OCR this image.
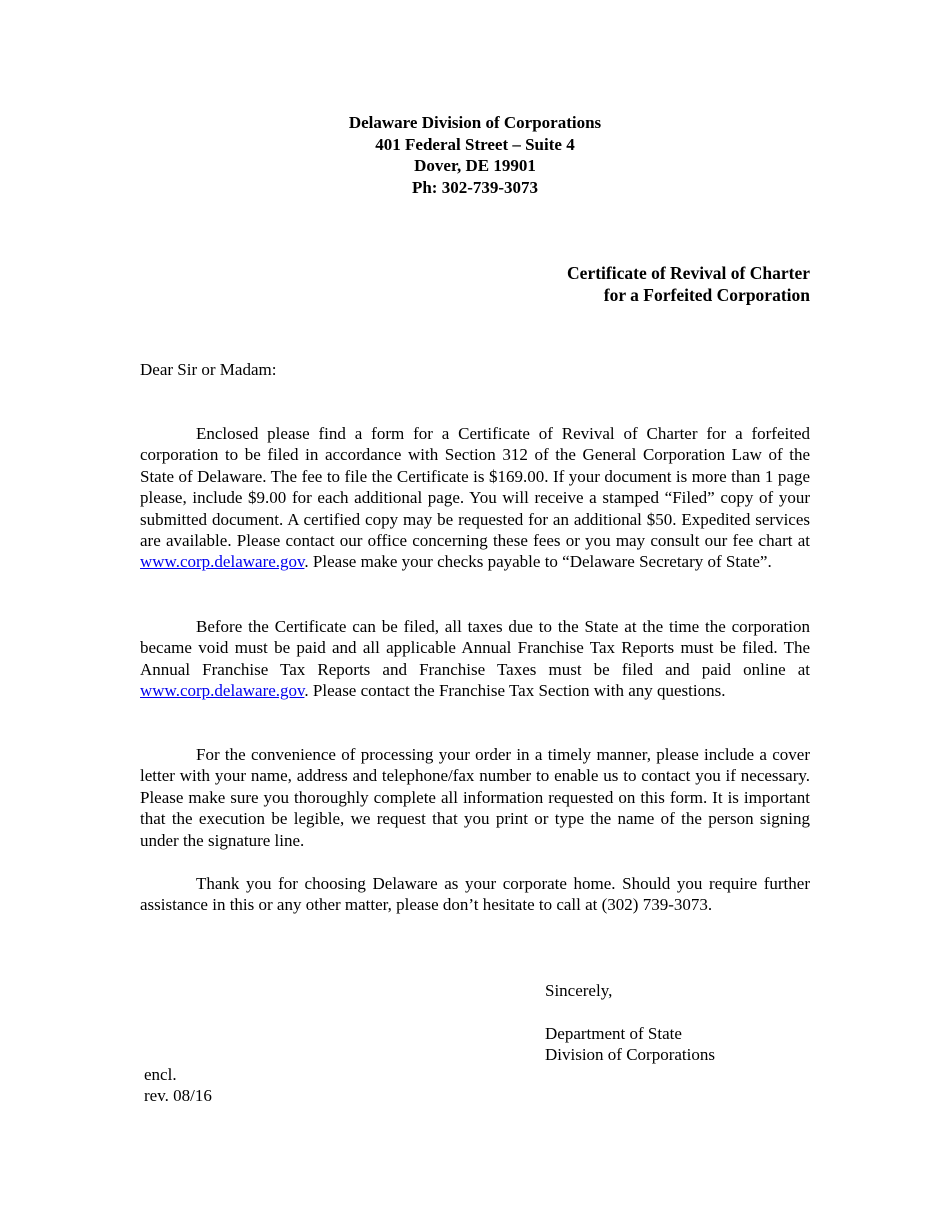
Delaware Division of Corporations
401 Federal Street – Suite 4
Dover, DE 19901
Ph: 302-739-3073
Certificate of Revival of Charter
for a Forfeited Corporation
Dear Sir or Madam:

Enclosed please find a form for a Certificate of Revival of Charter for a forfeited corporation to be filed in accordance with Section 312 of the General Corporation Law of the State of Delaware. The fee to file the Certificate is $169.00. If your document is more than 1 page please, include $9.00 for each additional page. You will receive a stamped “Filed” copy of your submitted document. A certified copy may be requested for an additional $50. Expedited services are available. Please contact our office concerning these fees or you may consult our fee chart at www.corp.delaware.gov. Please make your checks payable to “Delaware Secretary of State”.

Before the Certificate can be filed, all taxes due to the State at the time the corporation became void must be paid and all applicable Annual Franchise Tax Reports must be filed. The Annual Franchise Tax Reports and Franchise Taxes must be filed and paid online at www.corp.delaware.gov. Please contact the Franchise Tax Section with any questions.

For the convenience of processing your order in a timely manner, please include a cover letter with your name, address and telephone/fax number to enable us to contact you if necessary. Please make sure you thoroughly complete all information requested on this form. It is important that the execution be legible, we request that you print or type the name of the person signing under the signature line.

Thank you for choosing Delaware as your corporate home. Should you require further assistance in this or any other matter, please don’t hesitate to call at (302) 739-3073.

Sincerely,
Department of State
Division of Corporations
encl.
rev. 08/16
